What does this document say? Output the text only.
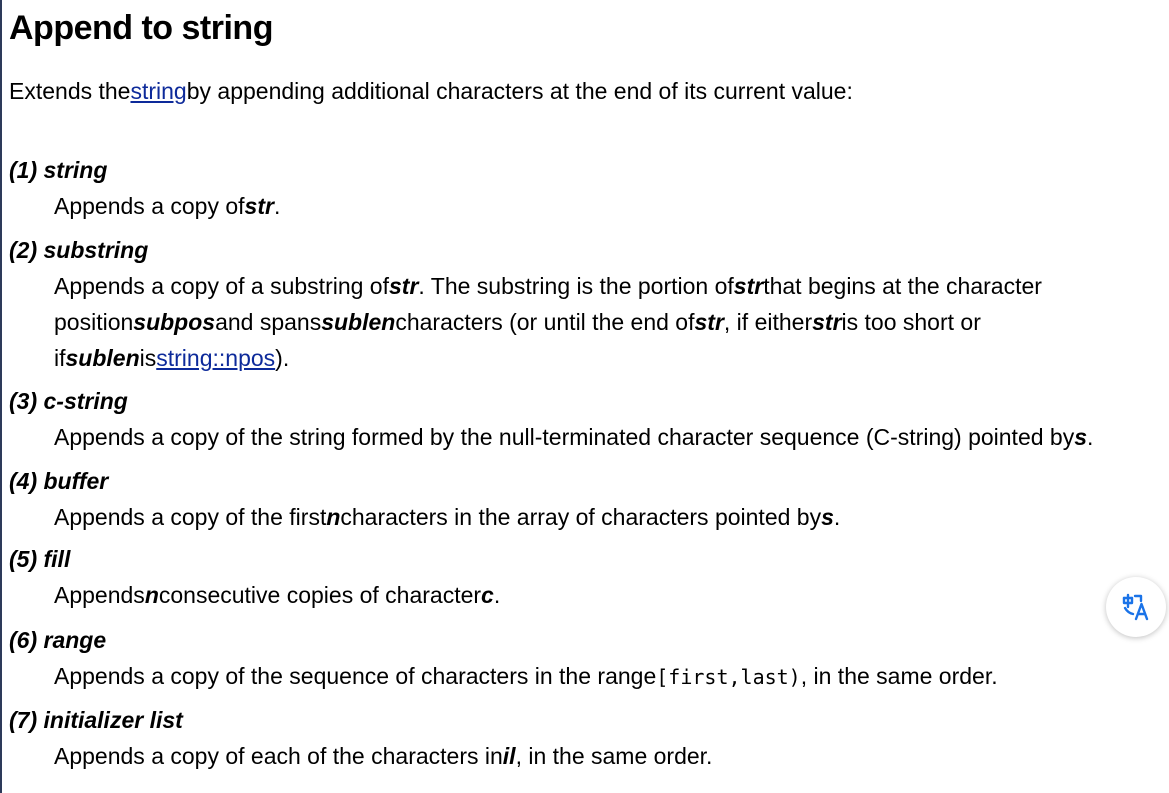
Append to string
Extends thestringby appending additional characters at the end of its current value:
(1) string
Appends a copy ofstr.
(2) substring
Appends a copy of a substring ofstr. The substring is the portion ofstrthat begins at the character
positionsubposand spanssublencharacters (or until the end ofstr, if eitherstris too short or
ifsublenisstring::npos).
(3) c-string
Appends a copy of the string formed by the null-terminated character sequence (C-string) pointed bys.
(4) buffer
Appends a copy of the firstncharacters in the array of characters pointed bys.
(5) fill
Appendsnconsecutive copies of characterc.
(6) range
Appends a copy of the sequence of characters in the range[first,last), in the same order.
(7) initializer list
Appends a copy of each of the characters inil, in the same order.
